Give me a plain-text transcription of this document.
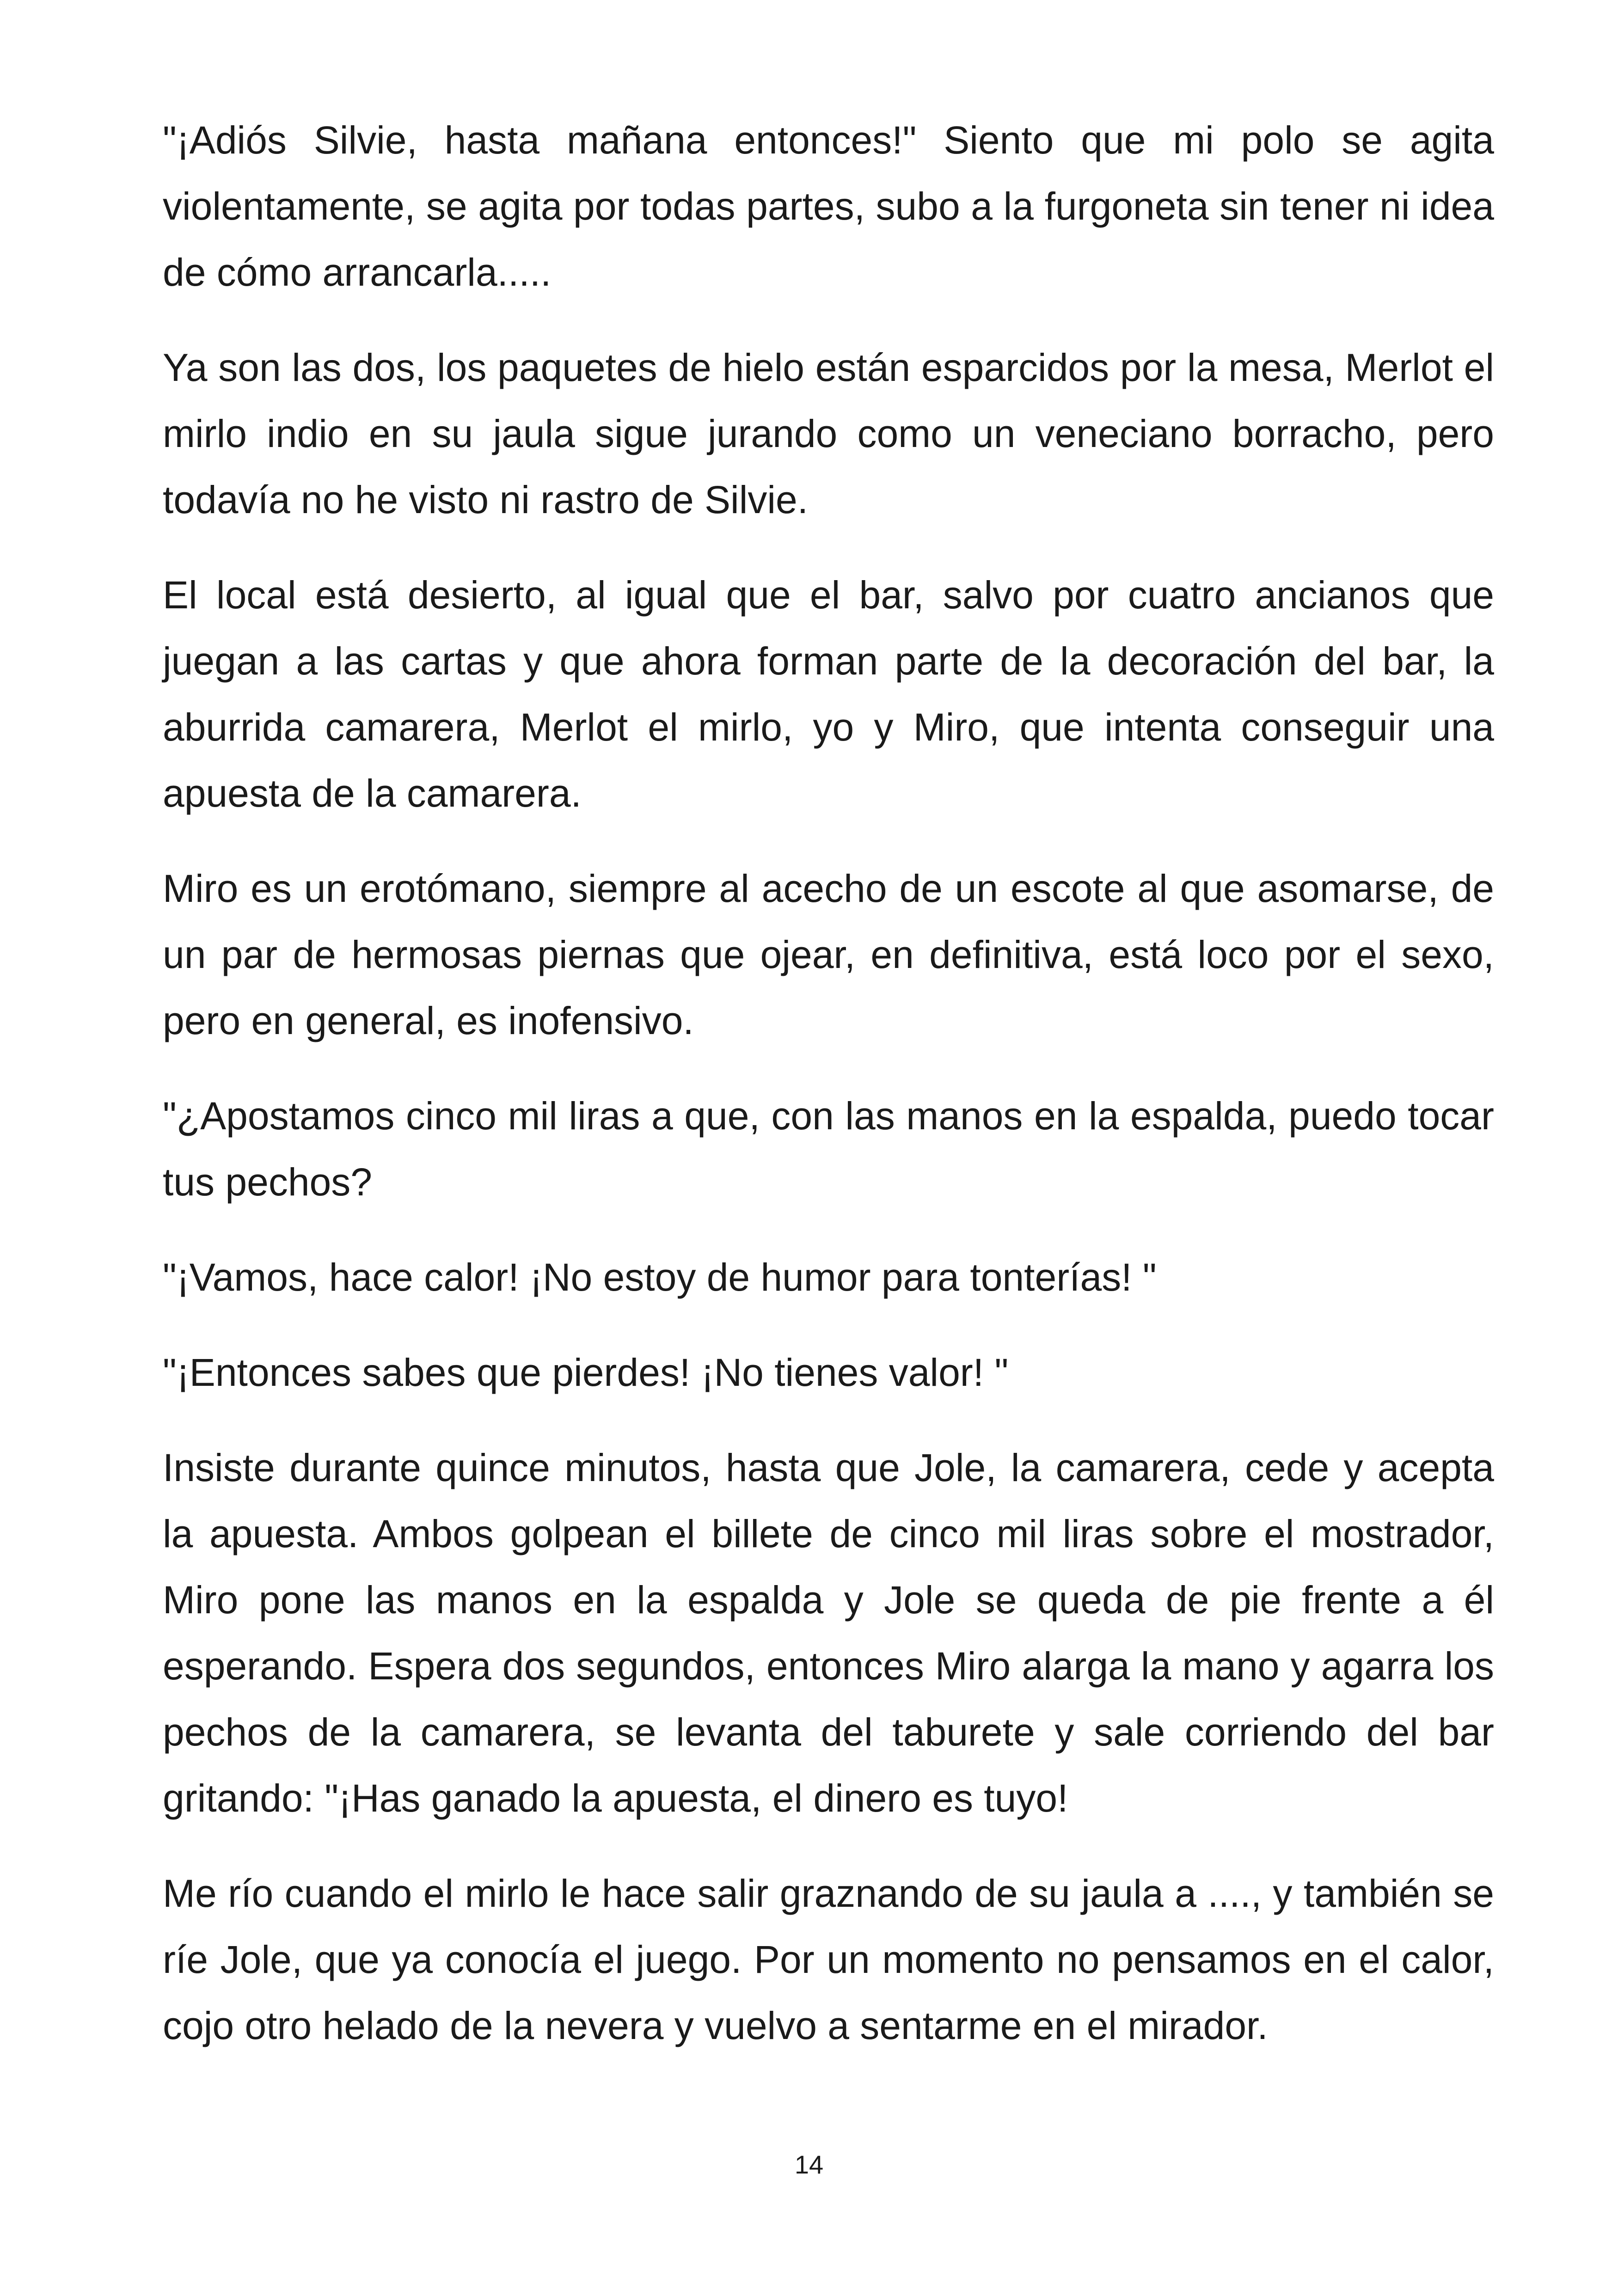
"¡Adiós Silvie, hasta mañana entonces!" Siento que mi polo se agita violentamente, se agita por todas partes, subo a la furgoneta sin tener ni idea de cómo arrancarla.....

Ya son las dos, los paquetes de hielo están esparcidos por la mesa, Merlot el mirlo indio en su jaula sigue jurando como un veneciano borracho, pero todavía no he visto ni rastro de Silvie.

El local está desierto, al igual que el bar, salvo por cuatro ancianos que juegan a las cartas y que ahora forman parte de la decoración del bar, la aburrida camarera, Merlot el mirlo, yo y Miro, que intenta conseguir una apuesta de la camarera.

Miro es un erotómano, siempre al acecho de un escote al que asomarse, de un par de hermosas piernas que ojear, en definitiva, está loco por el sexo, pero en general, es inofensivo.

"¿Apostamos cinco mil liras a que, con las manos en la espalda, puedo tocar tus pechos?

"¡Vamos, hace calor! ¡No estoy de humor para tonterías! "

"¡Entonces sabes que pierdes! ¡No tienes valor! "

Insiste durante quince minutos, hasta que Jole, la camarera, cede y acepta la apuesta. Ambos golpean el billete de cinco mil liras sobre el mostrador, Miro pone las manos en la espalda y Jole se queda de pie frente a él esperando. Espera dos segundos, entonces Miro alarga la mano y agarra los pechos de la camarera, se levanta del taburete y sale corriendo del bar gritando: "¡Has ganado la apuesta, el dinero es tuyo!

Me río cuando el mirlo le hace salir graznando de su jaula a ...., y también se ríe Jole, que ya conocía el juego. Por un momento no pensamos en el calor, cojo otro helado de la nevera y vuelvo a sentarme en el mirador.

14
